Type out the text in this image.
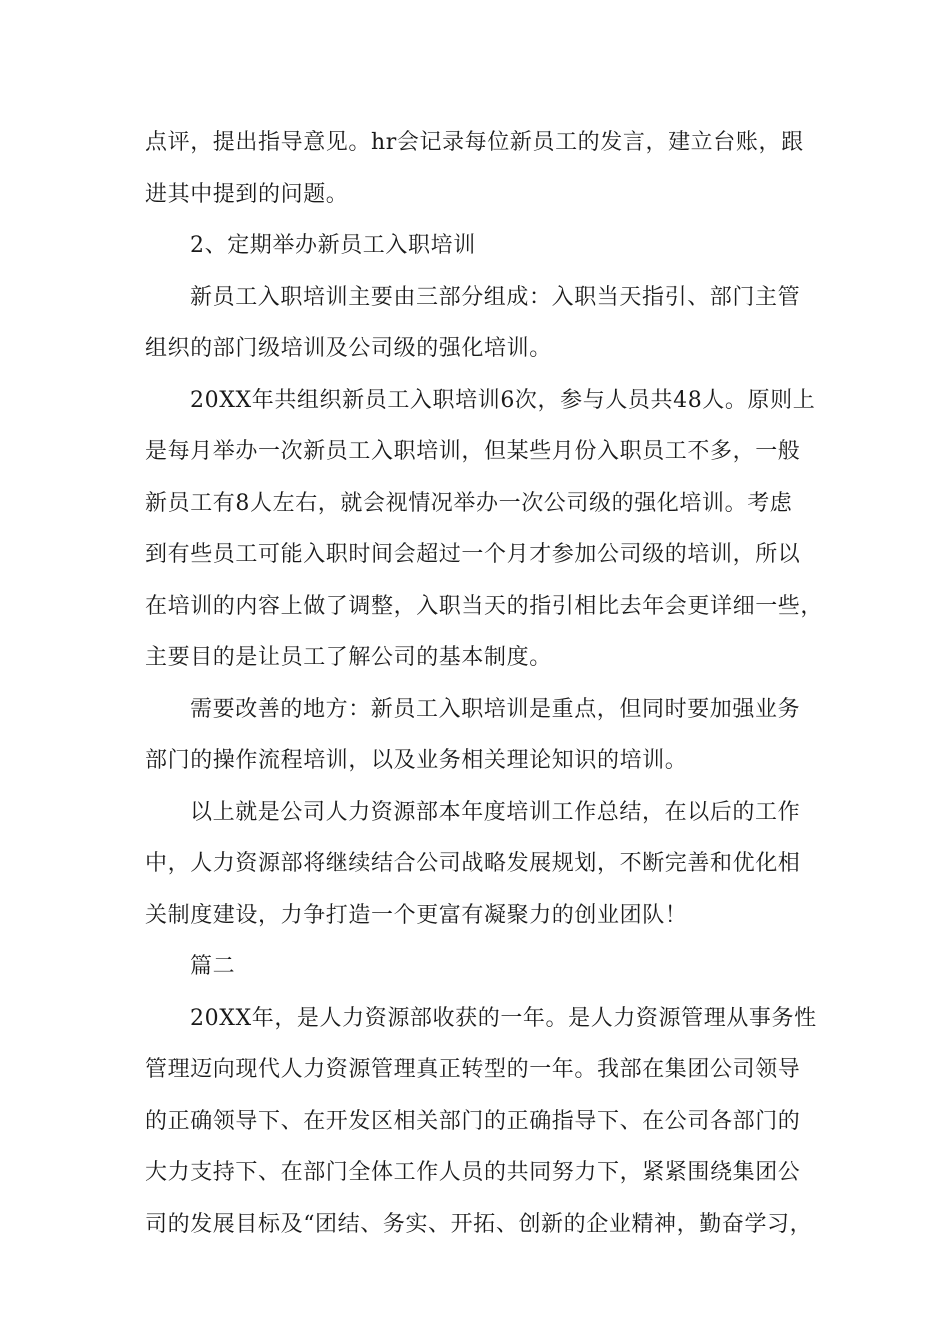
点评，提出指导意见。hr会记录每位新员工的发言，建立台账，跟
进其中提到的问题。
2、定期举办新员工入职培训
新员工入职培训主要由三部分组成：入职当天指引、部门主管
组织的部门级培训及公司级的强化培训。
20XX年共组织新员工入职培训6次，参与人员共48人。原则上
是每月举办一次新员工入职培训，但某些月份入职员工不多，一般
新员工有8人左右，就会视情况举办一次公司级的强化培训。考虑
到有些员工可能入职时间会超过一个月才参加公司级的培训，所以
在培训的内容上做了调整，入职当天的指引相比去年会更详细一些，
主要目的是让员工了解公司的基本制度。
需要改善的地方：新员工入职培训是重点，但同时要加强业务
部门的操作流程培训，以及业务相关理论知识的培训。
以上就是公司人力资源部本年度培训工作总结，在以后的工作
中，人力资源部将继续结合公司战略发展规划，不断完善和优化相
关制度建设，力争打造一个更富有凝聚力的创业团队！
篇二
20XX年，是人力资源部收获的一年。是人力资源管理从事务性
管理迈向现代人力资源管理真正转型的一年。我部在集团公司领导
的正确领导下、在开发区相关部门的正确指导下、在公司各部门的
大力支持下、在部门全体工作人员的共同努力下，紧紧围绕集团公
司的发展目标及“团结、务实、开拓、创新的企业精神，勤奋学习，
